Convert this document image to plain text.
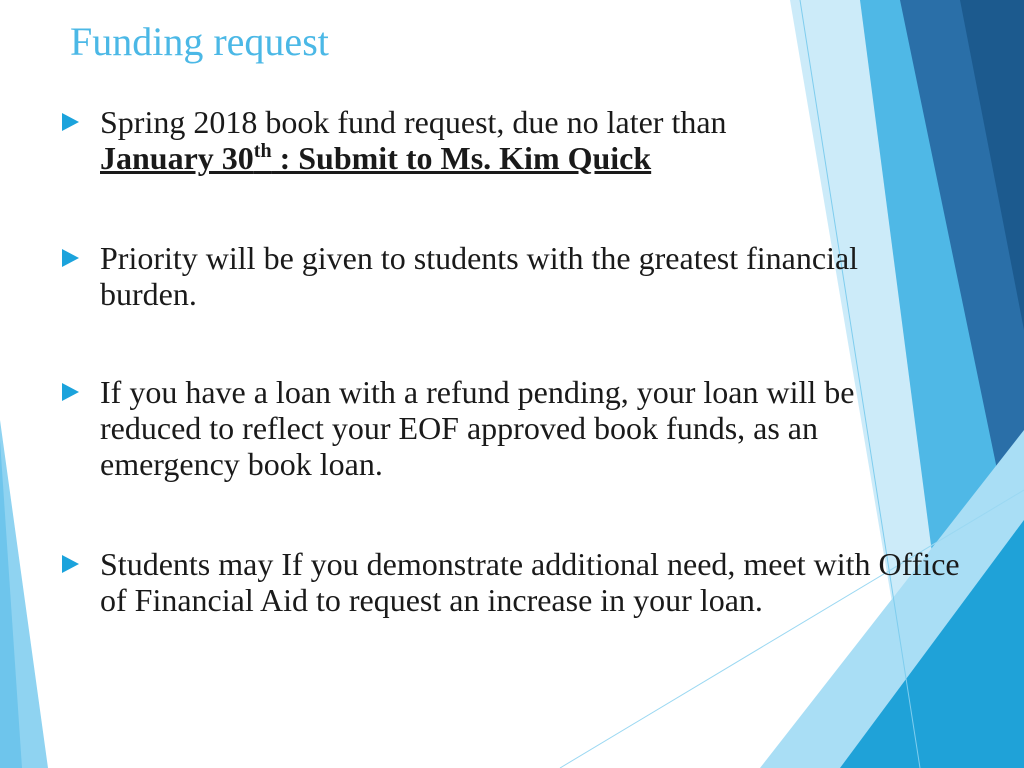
Funding request
Spring 2018 book fund request, due no later than
January 30th : Submit to Ms. Kim Quick
Priority will be given to students with the greatest financial burden.
If you have a loan with a refund pending, your loan will be reduced to reflect your EOF approved book funds, as an emergency book loan.
Students may If you demonstrate additional need, meet with Office of Financial Aid to request an increase in your loan.
